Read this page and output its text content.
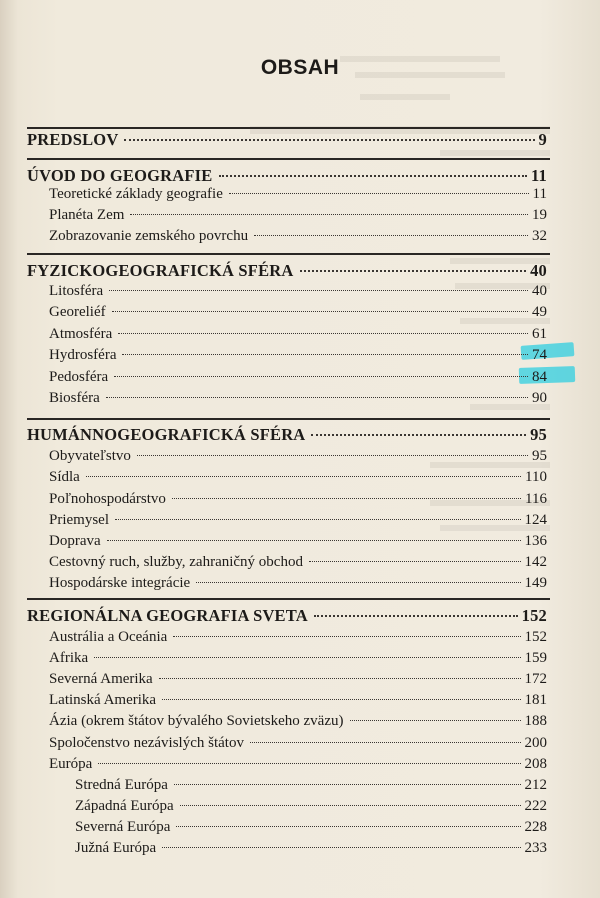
OBSAH
PREDSLOV	9
ÚVOD DO GEOGRAFIE	11
Teoretické základy geografie	11
Planéta Zem	19
Zobrazovanie zemského povrchu	32
FYZICKOGEOGRAFICKÁ SFÉRA	40
Litosféra	40
Georeliéf	49
Atmosféra	61
Hydrosféra	74
Pedosféra	84
Biosféra	90
HUMÁNNOGEOGRAFICKÁ SFÉRA	95
Obyvateľstvo	95
Sídla	110
Poľnohospodárstvo	116
Priemysel	124
Doprava	136
Cestovný ruch, služby, zahraničný obchod	142
Hospodárske integrácie	149
REGIONÁLNA GEOGRAFIA SVETA	152
Austrália a Oceánia	152
Afrika	159
Severná Amerika	172
Latinská Amerika	181
Ázia (okrem štátov bývalého Sovietskeho zväzu)	188
Spoločenstvo nezávislých štátov	200
Európa	208
Stredná Európa	212
Západná Európa	222
Severná Európa	228
Južná Európa	233
